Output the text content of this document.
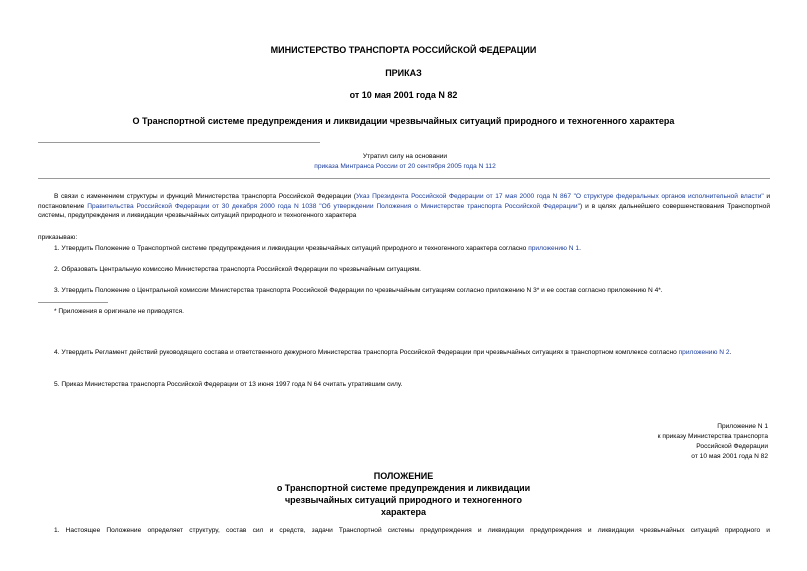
МИНИСТЕРСТВО ТРАНСПОРТА РОССИЙСКОЙ ФЕДЕРАЦИИ
ПРИКАЗ
от 10 мая 2001 года N 82
О Транспортной системе предупреждения и ликвидации чрезвычайных ситуаций природного и техногенного характера
Утратил силу на основании
приказа Минтранса России от 20 сентября 2005 года N 112
В связи с изменением структуры и функций Министерства транспорта Российской Федерации (Указ Президента Российской Федерации от 17 мая 2000 года N 867 "О структуре федеральных органов исполнительной власти" и постановление Правительства Российской Федерации от 30 декабря 2000 года N 1038 "Об утверждении Положения о Министерстве транспорта Российской Федерации") и в целях дальнейшего совершенствования Транспортной системы, предупреждения и ликвидации чрезвычайных ситуаций природного и техногенного характера
приказываю:
1. Утвердить Положение о Транспортной системе предупреждения и ликвидации чрезвычайных ситуаций природного и техногенного характера согласно приложению N 1.
2. Образовать Центральную комиссию Министерства транспорта Российской Федерации по чрезвычайным ситуациям.
3. Утвердить Положение о Центральной комиссии Министерства транспорта Российской Федерации по чрезвычайным ситуациям согласно приложению N 3* и ее состав согласно приложению N 4*.
* Приложения в оригинале не приводятся.
4. Утвердить Регламент действий руководящего состава и ответственного дежурного Министерства транспорта Российской Федерации при чрезвычайных ситуациях в транспортном комплексе согласно приложению N 2.
5. Приказ Министерства транспорта Российской Федерации от 13 июня 1997 года N 64 считать утратившим силу.
Приложение N 1
к приказу Министерства транспорта
Российской Федерации
от 10 мая 2001 года N 82
ПОЛОЖЕНИЕ
о Транспортной системе предупреждения и ликвидации
чрезвычайных ситуаций природного и техногенного
характера
1. Настоящее Положение определяет структуру, состав сил и средств, задачи Транспортной системы предупреждения и ликвидации предупреждения и ликвидации чрезвычайных ситуаций природного и
